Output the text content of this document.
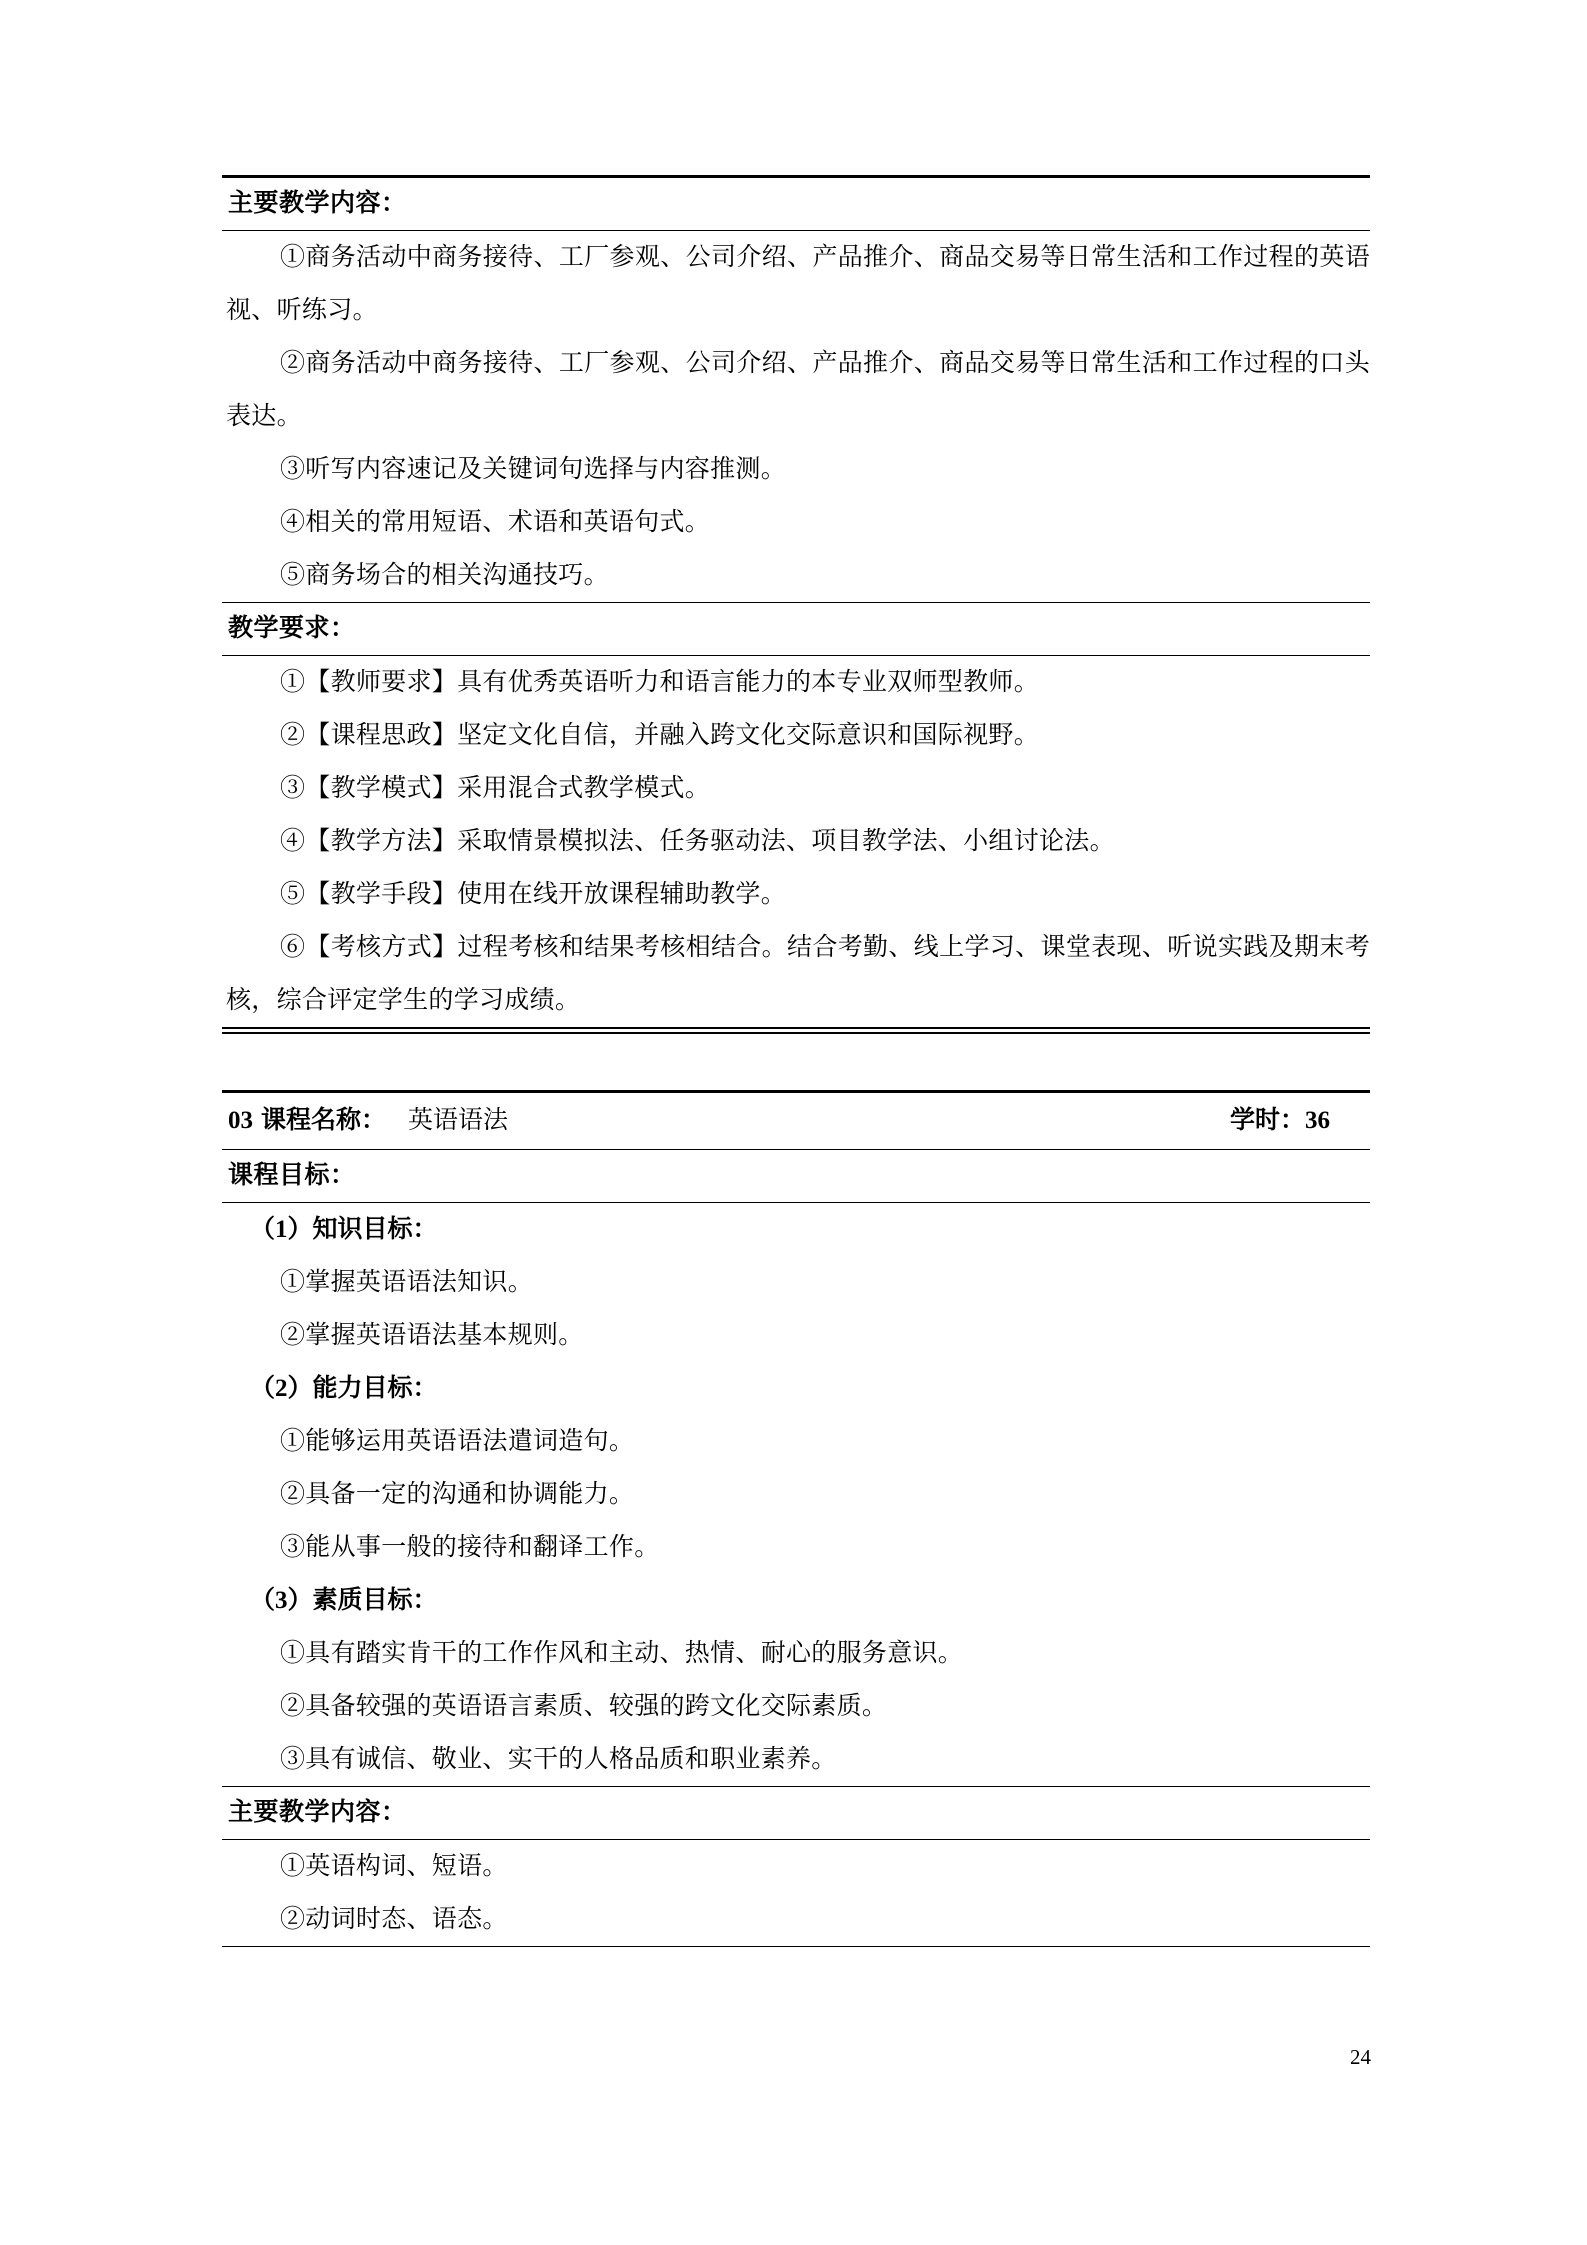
主要教学内容：
①商务活动中商务接待、工厂参观、公司介绍、产品推介、商品交易等日常生活和工作过程的英语视、听练习。
②商务活动中商务接待、工厂参观、公司介绍、产品推介、商品交易等日常生活和工作过程的口头表达。
③听写内容速记及关键词句选择与内容推测。
④相关的常用短语、术语和英语句式。
⑤商务场合的相关沟通技巧。
教学要求：
①【教师要求】具有优秀英语听力和语言能力的本专业双师型教师。
②【课程思政】坚定文化自信，并融入跨文化交际意识和国际视野。
③【教学模式】采用混合式教学模式。
④【教学方法】采取情景模拟法、任务驱动法、项目教学法、小组讨论法。
⑤【教学手段】使用在线开放课程辅助教学。
⑥【考核方式】过程考核和结果考核相结合。结合考勤、线上学习、课堂表现、听说实践及期末考核，综合评定学生的学习成绩。
03 课程名称： 英语语法	学时：36
课程目标：
（1）知识目标：
①掌握英语语法知识。
②掌握英语语法基本规则。
（2）能力目标：
①能够运用英语语法遣词造句。
②具备一定的沟通和协调能力。
③能从事一般的接待和翻译工作。
（3）素质目标：
①具有踏实肯干的工作作风和主动、热情、耐心的服务意识。
②具备较强的英语语言素质、较强的跨文化交际素质。
③具有诚信、敬业、实干的人格品质和职业素养。
主要教学内容：
①英语构词、短语。
②动词时态、语态。
24
